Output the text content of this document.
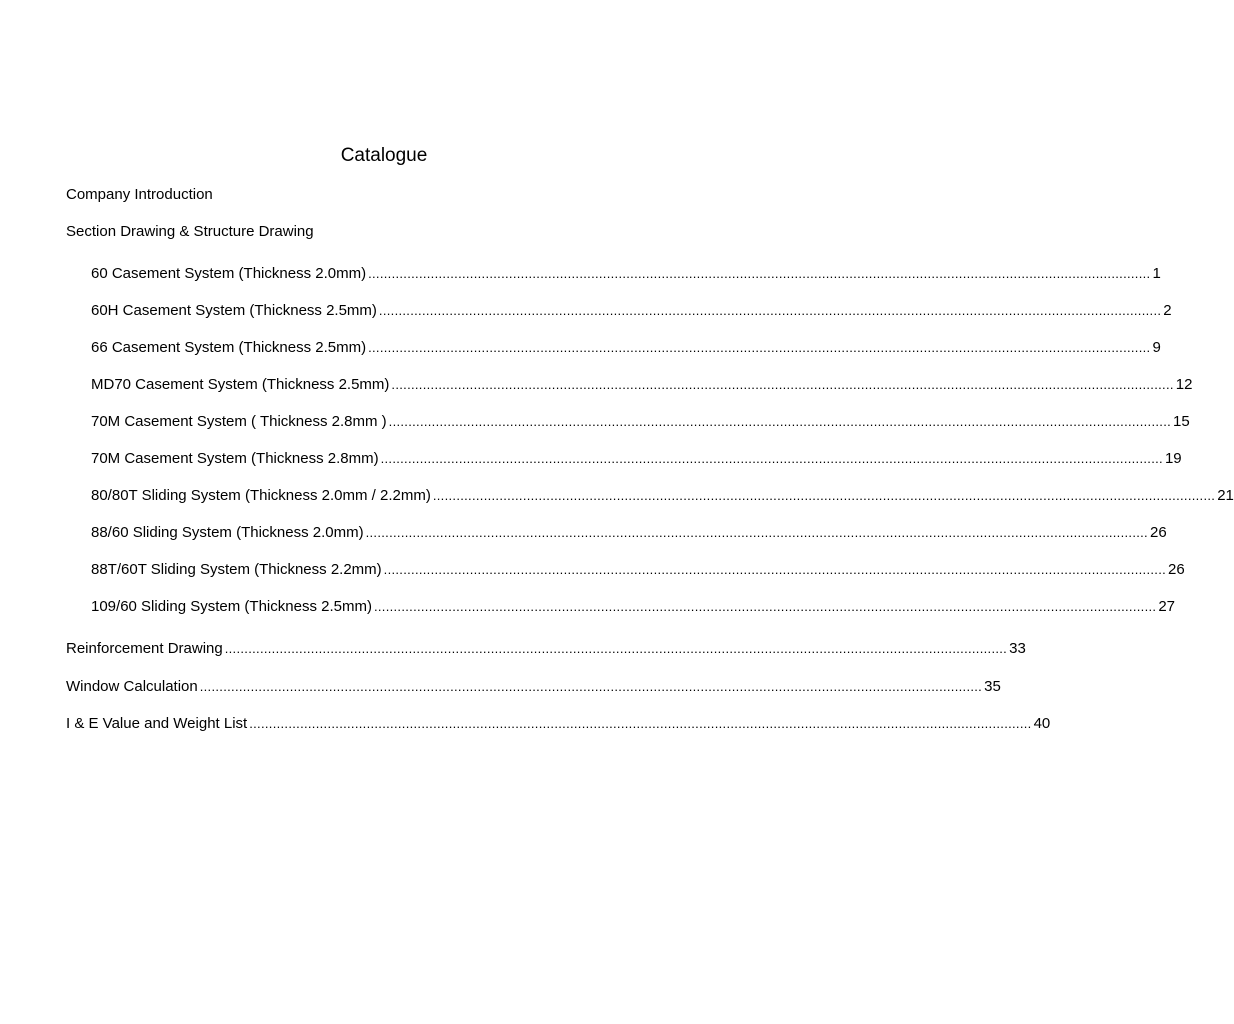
Catalogue
Company Introduction
Section Drawing & Structure Drawing
60 Casement System (Thickness 2.0mm) ........................................................................................................................................................................................................ 1
60H Casement System (Thickness 2.5mm) ........................................................................................................................................................................................................ 2
66 Casement System (Thickness 2.5mm) ........................................................................................................................................................................................................ 9
MD70 Casement System (Thickness 2.5mm) ........................................................................................................................................................................................................ 12
70M Casement System ( Thickness 2.8mm ) ........................................................................................................................................................................................................ 15
70M Casement System (Thickness 2.8mm) ........................................................................................................................................................................................................ 19
80/80T Sliding System (Thickness 2.0mm / 2.2mm) ........................................................................................................................................................................................................ 21
88/60 Sliding System (Thickness 2.0mm) ........................................................................................................................................................................................................ 26
88T/60T Sliding System (Thickness 2.2mm) ........................................................................................................................................................................................................ 26
109/60 Sliding System (Thickness 2.5mm) ........................................................................................................................................................................................................ 27
Reinforcement Drawing ........................................................................................................................................................................................................ 33
Window Calculation ........................................................................................................................................................................................................ 35
I & E Value and Weight List ........................................................................................................................................................................................................ 40
